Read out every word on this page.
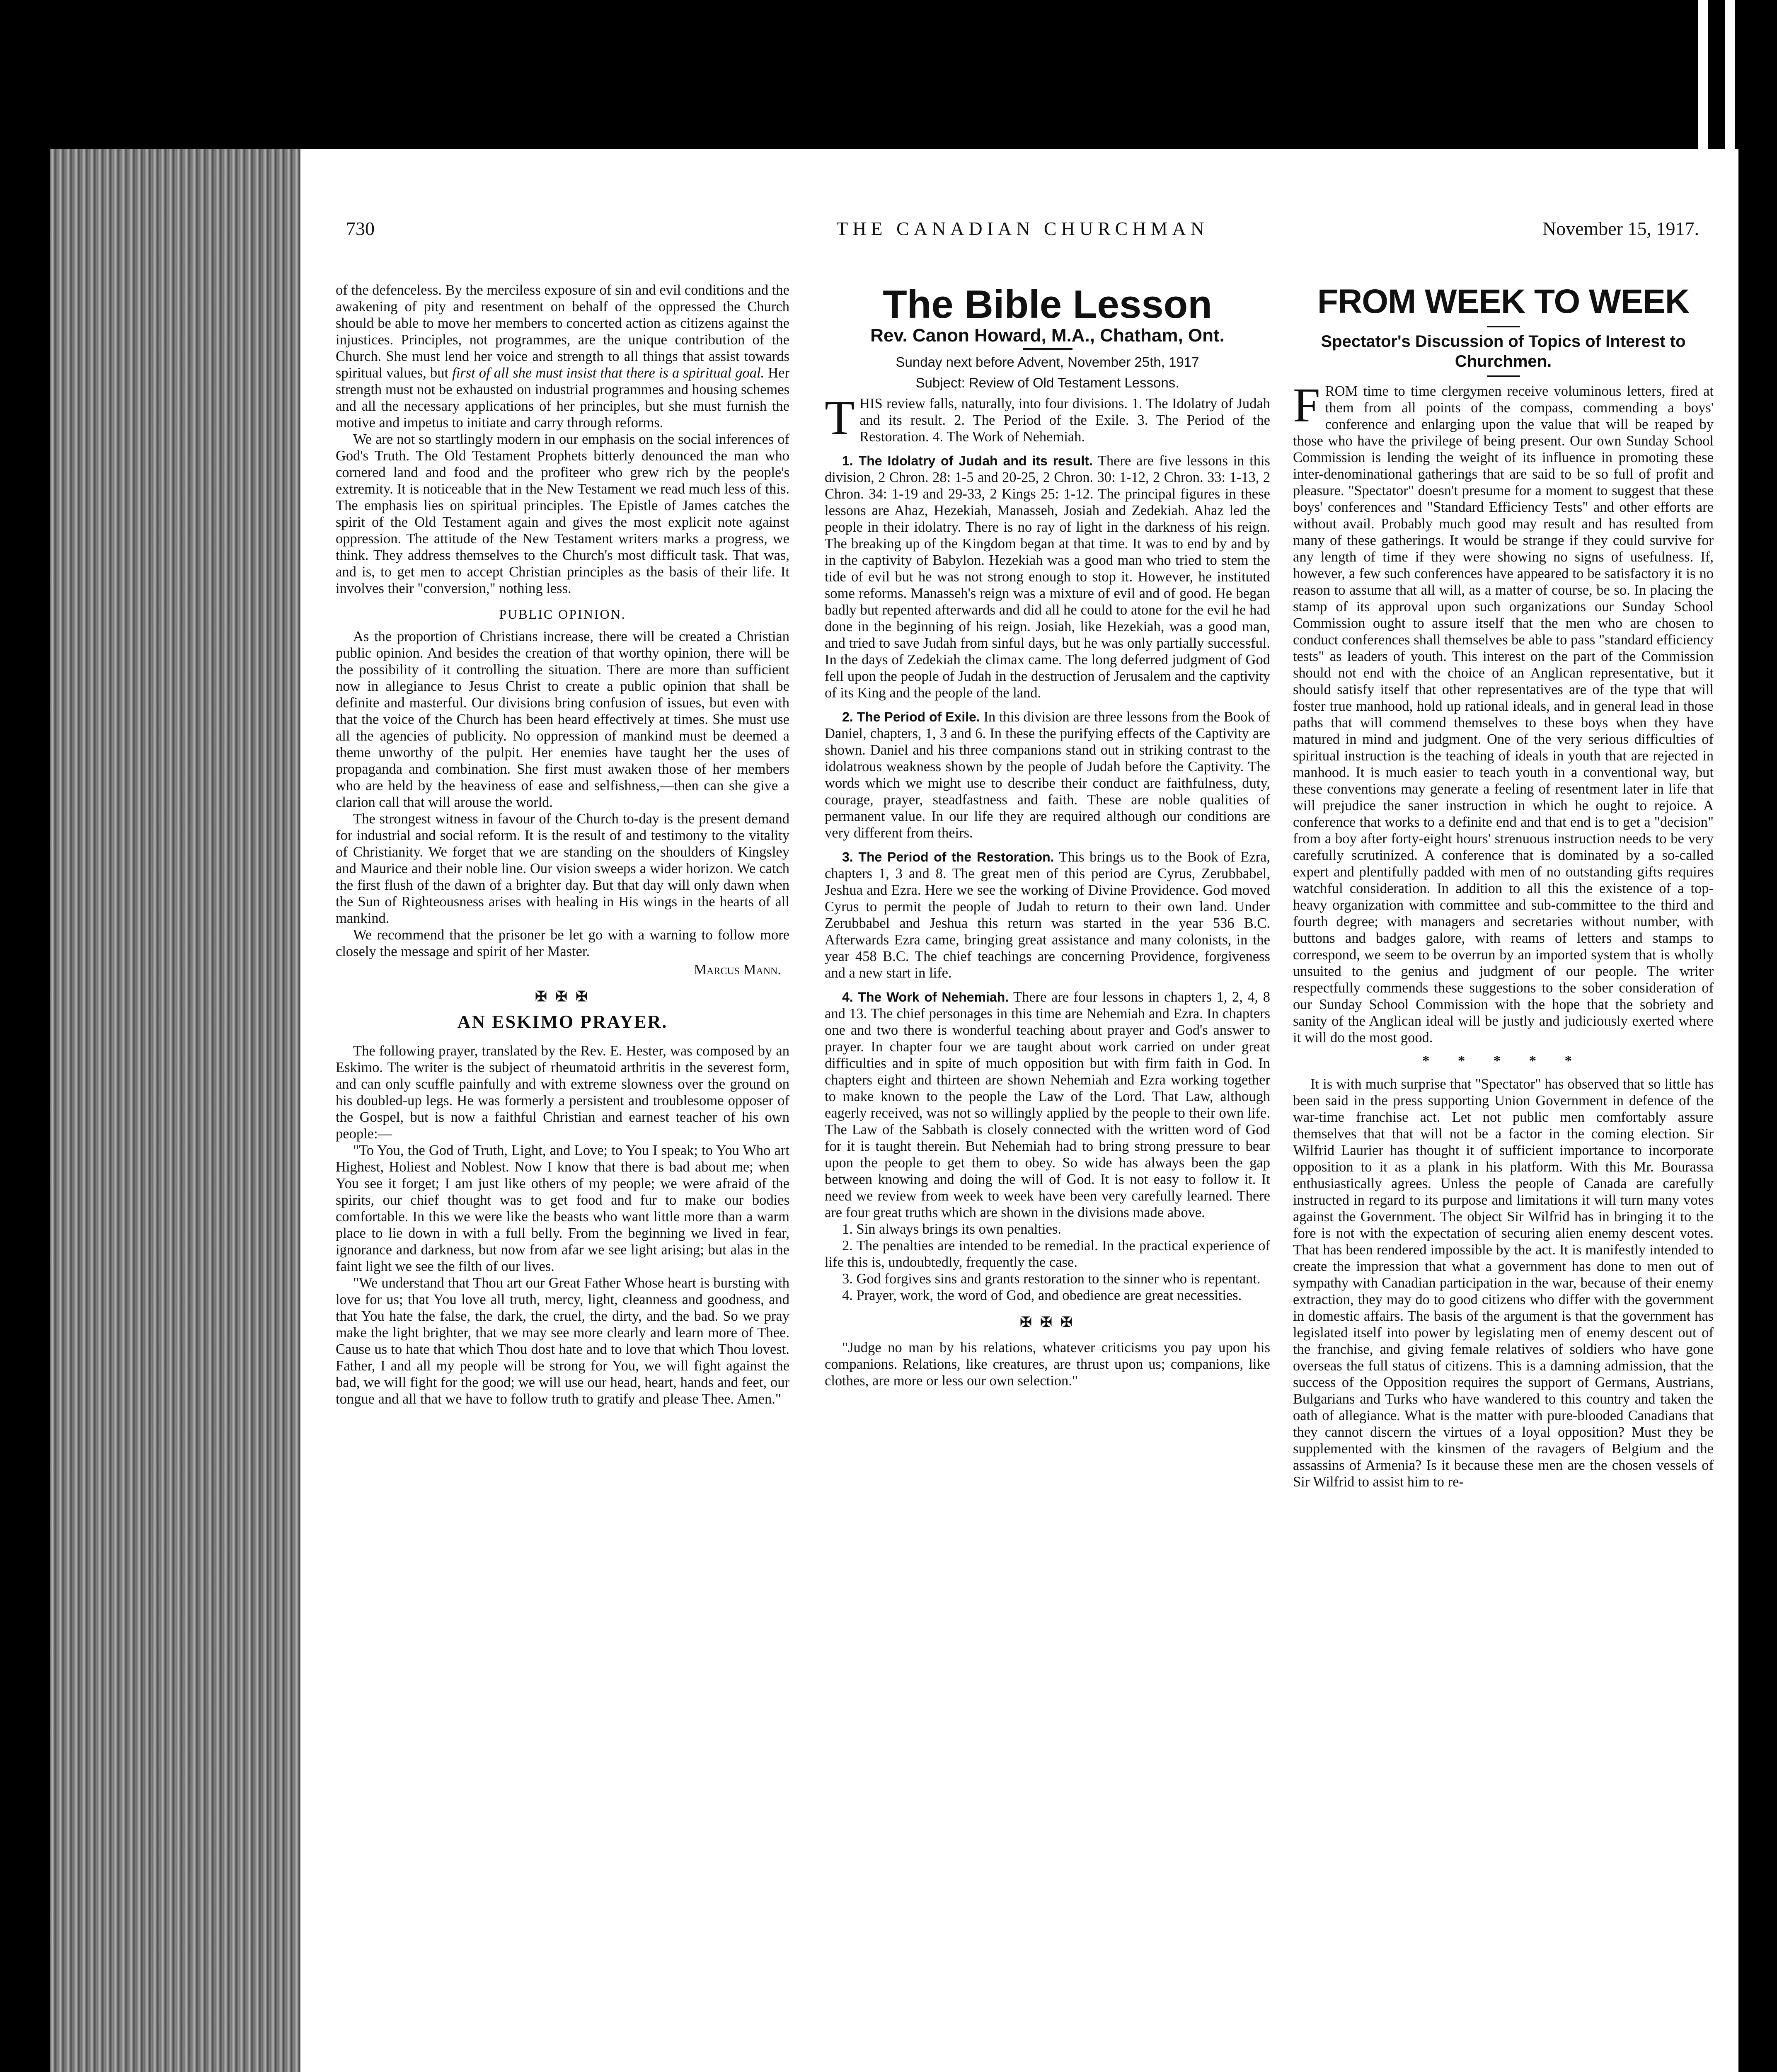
730	THE CANADIAN CHURCHMAN	November 15, 1917.

of the defenceless. By the merciless exposure of sin and evil conditions and the awakening of pity and resentment on behalf of the oppressed the Church should be able to move her members to concerted action as citizens against the injustices. Principles, not programmes, are the unique contribution of the Church. She must lend her voice and strength to all things that assist towards spiritual values, but first of all she must insist that there is a spiritual goal. Her strength must not be exhausted on industrial programmes and housing schemes and all the necessary applications of her principles, but she must furnish the motive and impetus to initiate and carry through reforms.

We are not so startlingly modern in our emphasis on the social inferences of God's Truth. The Old Testament Prophets bitterly denounced the man who cornered land and food and the profiteer who grew rich by the people's extremity. It is noticeable that in the New Testament we read much less of this. The emphasis lies on spiritual principles. The Epistle of James catches the spirit of the Old Testament again and gives the most explicit note against oppression. The attitude of the New Testament writers marks a progress, we think. They address themselves to the Church's most difficult task. That was, and is, to get men to accept Christian principles as the basis of their life. It involves their "conversion," nothing less.

PUBLIC OPINION.

As the proportion of Christians increase, there will be created a Christian public opinion. And besides the creation of that worthy opinion, there will be the possibility of it controlling the situation. There are more than sufficient now in allegiance to Jesus Christ to create a public opinion that shall be definite and masterful. Our divisions bring confusion of issues, but even with that the voice of the Church has been heard effectively at times. She must use all the agencies of publicity. No oppression of mankind must be deemed a theme unworthy of the pulpit. Her enemies have taught her the uses of propaganda and combination. She first must awaken those of her members who are held by the heaviness of ease and selfishness,—then can she give a clarion call that will arouse the world.

The strongest witness in favour of the Church to-day is the present demand for industrial and social reform. It is the result of and testimony to the vitality of Christianity. We forget that we are standing on the shoulders of Kingsley and Maurice and their noble line. Our vision sweeps a wider horizon. We catch the first flush of the dawn of a brighter day. But that day will only dawn when the Sun of Righteousness arises with healing in His wings in the hearts of all mankind.

We recommend that the prisoner be let go with a warning to follow more closely the message and spirit of her Master.

Marcus Mann.
✠ ✠ ✠
AN ESKIMO PRAYER.

The following prayer, translated by the Rev. E. Hester, was composed by an Eskimo. The writer is the subject of rheumatoid arthritis in the severest form, and can only scuffle painfully and with extreme slowness over the ground on his doubled-up legs. He was formerly a persistent and troublesome opposer of the Gospel, but is now a faithful Christian and earnest teacher of his own people:—

"To You, the God of Truth, Light, and Love; to You I speak; to You Who art Highest, Holiest and Noblest. Now I know that there is bad about me; when You see it forget; I am just like others of my people; we were afraid of the spirits, our chief thought was to get food and fur to make our bodies comfortable. In this we were like the beasts who want little more than a warm place to lie down in with a full belly. From the beginning we lived in fear, ignorance and darkness, but now from afar we see light arising; but alas in the faint light we see the filth of our lives.

"We understand that Thou art our Great Father Whose heart is bursting with love for us; that You love all truth, mercy, light, cleanness and goodness, and that You hate the false, the dark, the cruel, the dirty, and the bad. So we pray make the light brighter, that we may see more clearly and learn more of Thee. Cause us to hate that which Thou dost hate and to love that which Thou lovest. Father, I and all my people will be strong for You, we will fight against the bad, we will fight for the good; we will use our head, heart, hands and feet, our tongue and all that we have to follow truth to gratify and please Thee. Amen."

The Bible Lesson
Rev. Canon Howard, M.A., Chatham, Ont.
Sunday next before Advent, November 25th, 1917
Subject: Review of Old Testament Lessons.

THIS review falls, naturally, into four divisions. 1. The Idolatry of Judah and its result. 2. The Period of the Exile. 3. The Period of the Restoration. 4. The Work of Nehemiah.

1. The Idolatry of Judah and its result. There are five lessons in this division, 2 Chron. 28: 1-5 and 20-25, 2 Chron. 30: 1-12, 2 Chron. 33: 1-13, 2 Chron. 34: 1-19 and 29-33, 2 Kings 25: 1-12. The principal figures in these lessons are Ahaz, Hezekiah, Manasseh, Josiah and Zedekiah. Ahaz led the people in their idolatry. There is no ray of light in the darkness of his reign. The breaking up of the Kingdom began at that time. It was to end by and by in the captivity of Babylon. Hezekiah was a good man who tried to stem the tide of evil but he was not strong enough to stop it. However, he instituted some reforms. Manasseh's reign was a mixture of evil and of good. He began badly but repented afterwards and did all he could to atone for the evil he had done in the beginning of his reign. Josiah, like Hezekiah, was a good man, and tried to save Judah from sinful days, but he was only partially successful. In the days of Zedekiah the climax came. The long deferred judgment of God fell upon the people of Judah in the destruction of Jerusalem and the captivity of its King and the people of the land.

2. The Period of Exile. In this division are three lessons from the Book of Daniel, chapters, 1, 3 and 6. In these the purifying effects of the Captivity are shown. Daniel and his three companions stand out in striking contrast to the idolatrous weakness shown by the people of Judah before the Captivity. The words which we might use to describe their conduct are faithfulness, duty, courage, prayer, steadfastness and faith. These are noble qualities of permanent value. In our life they are required although our conditions are very different from theirs.

3. The Period of the Restoration. This brings us to the Book of Ezra, chapters 1, 3 and 8. The great men of this period are Cyrus, Zerubbabel, Jeshua and Ezra. Here we see the working of Divine Providence. God moved Cyrus to permit the people of Judah to return to their own land. Under Zerubbabel and Jeshua this return was started in the year 536 B.C. Afterwards Ezra came, bringing great assistance and many colonists, in the year 458 B.C. The chief teachings are concerning Providence, forgiveness and a new start in life.

4. The Work of Nehemiah. There are four lessons in chapters 1, 2, 4, 8 and 13. The chief personages in this time are Nehemiah and Ezra. In chapters one and two there is wonderful teaching about prayer and God's answer to prayer. In chapter four we are taught about work carried on under great difficulties and in spite of much opposition but with firm faith in God. In chapters eight and thirteen are shown Nehemiah and Ezra working together to make known to the people the Law of the Lord. That Law, although eagerly received, was not so willingly applied by the people to their own life. The Law of the Sabbath is closely connected with the written word of God for it is taught therein. But Nehemiah had to bring strong pressure to bear upon the people to get them to obey. So wide has always been the gap between knowing and doing the will of God. It is not easy to follow it. It need we review from week to week have been very carefully learned. There are four great truths which are shown in the divisions made above.

1. Sin always brings its own penalties.

2. The penalties are intended to be remedial. In the practical experience of life this is, undoubtedly, frequently the case.

3. God forgives sins and grants restoration to the sinner who is repentant.

4. Prayer, work, the word of God, and obedience are great necessities.

✠ ✠ ✠

"Judge no man by his relations, whatever criticisms you pay upon his companions. Relations, like creatures, are thrust upon us; companions, like clothes, are more or less our own selection."

FROM WEEK TO WEEK
Spectator's Discussion of Topics of Interest to Churchmen.

FROM time to time clergymen receive voluminous letters, fired at them from all points of the compass, commending a boys' conference and enlarging upon the value that will be reaped by those who have the privilege of being present. Our own Sunday School Commission is lending the weight of its influence in promoting these inter-denominational gatherings that are said to be so full of profit and pleasure. "Spectator" doesn't presume for a moment to suggest that these boys' conferences and "Standard Efficiency Tests" and other efforts are without avail. Probably much good may result and has resulted from many of these gatherings. It would be strange if they could survive for any length of time if they were showing no signs of usefulness. If, however, a few such conferences have appeared to be satisfactory it is no reason to assume that all will, as a matter of course, be so. In placing the stamp of its approval upon such organizations our Sunday School Commission ought to assure itself that the men who are chosen to conduct conferences shall themselves be able to pass "standard efficiency tests" as leaders of youth. This interest on the part of the Commission should not end with the choice of an Anglican representative, but it should satisfy itself that other representatives are of the type that will foster true manhood, hold up rational ideals, and in general lead in those paths that will commend themselves to these boys when they have matured in mind and judgment. One of the very serious difficulties of spiritual instruction is the teaching of ideals in youth that are rejected in manhood. It is much easier to teach youth in a conventional way, but these conventions may generate a feeling of resentment later in life that will prejudice the saner instruction in which he ought to rejoice. A conference that works to a definite end and that end is to get a "decision" from a boy after forty-eight hours' strenuous instruction needs to be very carefully scrutinized. A conference that is dominated by a so-called expert and plentifully padded with men of no outstanding gifts requires watchful consideration. In addition to all this the existence of a top-heavy organization with committee and sub-committee to the third and fourth degree; with managers and secretaries without number, with buttons and badges galore, with reams of letters and stamps to correspond, we seem to be overrun by an imported system that is wholly unsuited to the genius and judgment of our people. The writer respectfully commends these suggestions to the sober consideration of our Sunday School Commission with the hope that the sobriety and sanity of the Anglican ideal will be justly and judiciously exerted where it will do the most good.

* * * * *

It is with much surprise that "Spectator" has observed that so little has been said in the press supporting Union Government in defence of the war-time franchise act. Let not public men comfortably assure themselves that that will not be a factor in the coming election. Sir Wilfrid Laurier has thought it of sufficient importance to incorporate opposition to it as a plank in his platform. With this Mr. Bourassa enthusiastically agrees. Unless the people of Canada are carefully instructed in regard to its purpose and limitations it will turn many votes against the Government. The object Sir Wilfrid has in bringing it to the fore is not with the expectation of securing alien enemy descent votes. That has been rendered impossible by the act. It is manifestly intended to create the impression that what a government has done to men out of sympathy with Canadian participation in the war, because of their enemy extraction, they may do to good citizens who differ with the government in domestic affairs. The basis of the argument is that the government has legislated itself into power by legislating men of enemy descent out of the franchise, and giving female relatives of soldiers who have gone overseas the full status of citizens. This is a damning admission, that the success of the Opposition requires the support of Germans, Austrians, Bulgarians and Turks who have wandered to this country and taken the oath of allegiance. What is the matter with pure-blooded Canadians that they cannot discern the virtues of a loyal opposition? Must they be supplemented with the kinsmen of the ravagers of Belgium and the assassins of Armenia? Is it because these men are the chosen vessels of Sir Wilfrid to assist him to re-
